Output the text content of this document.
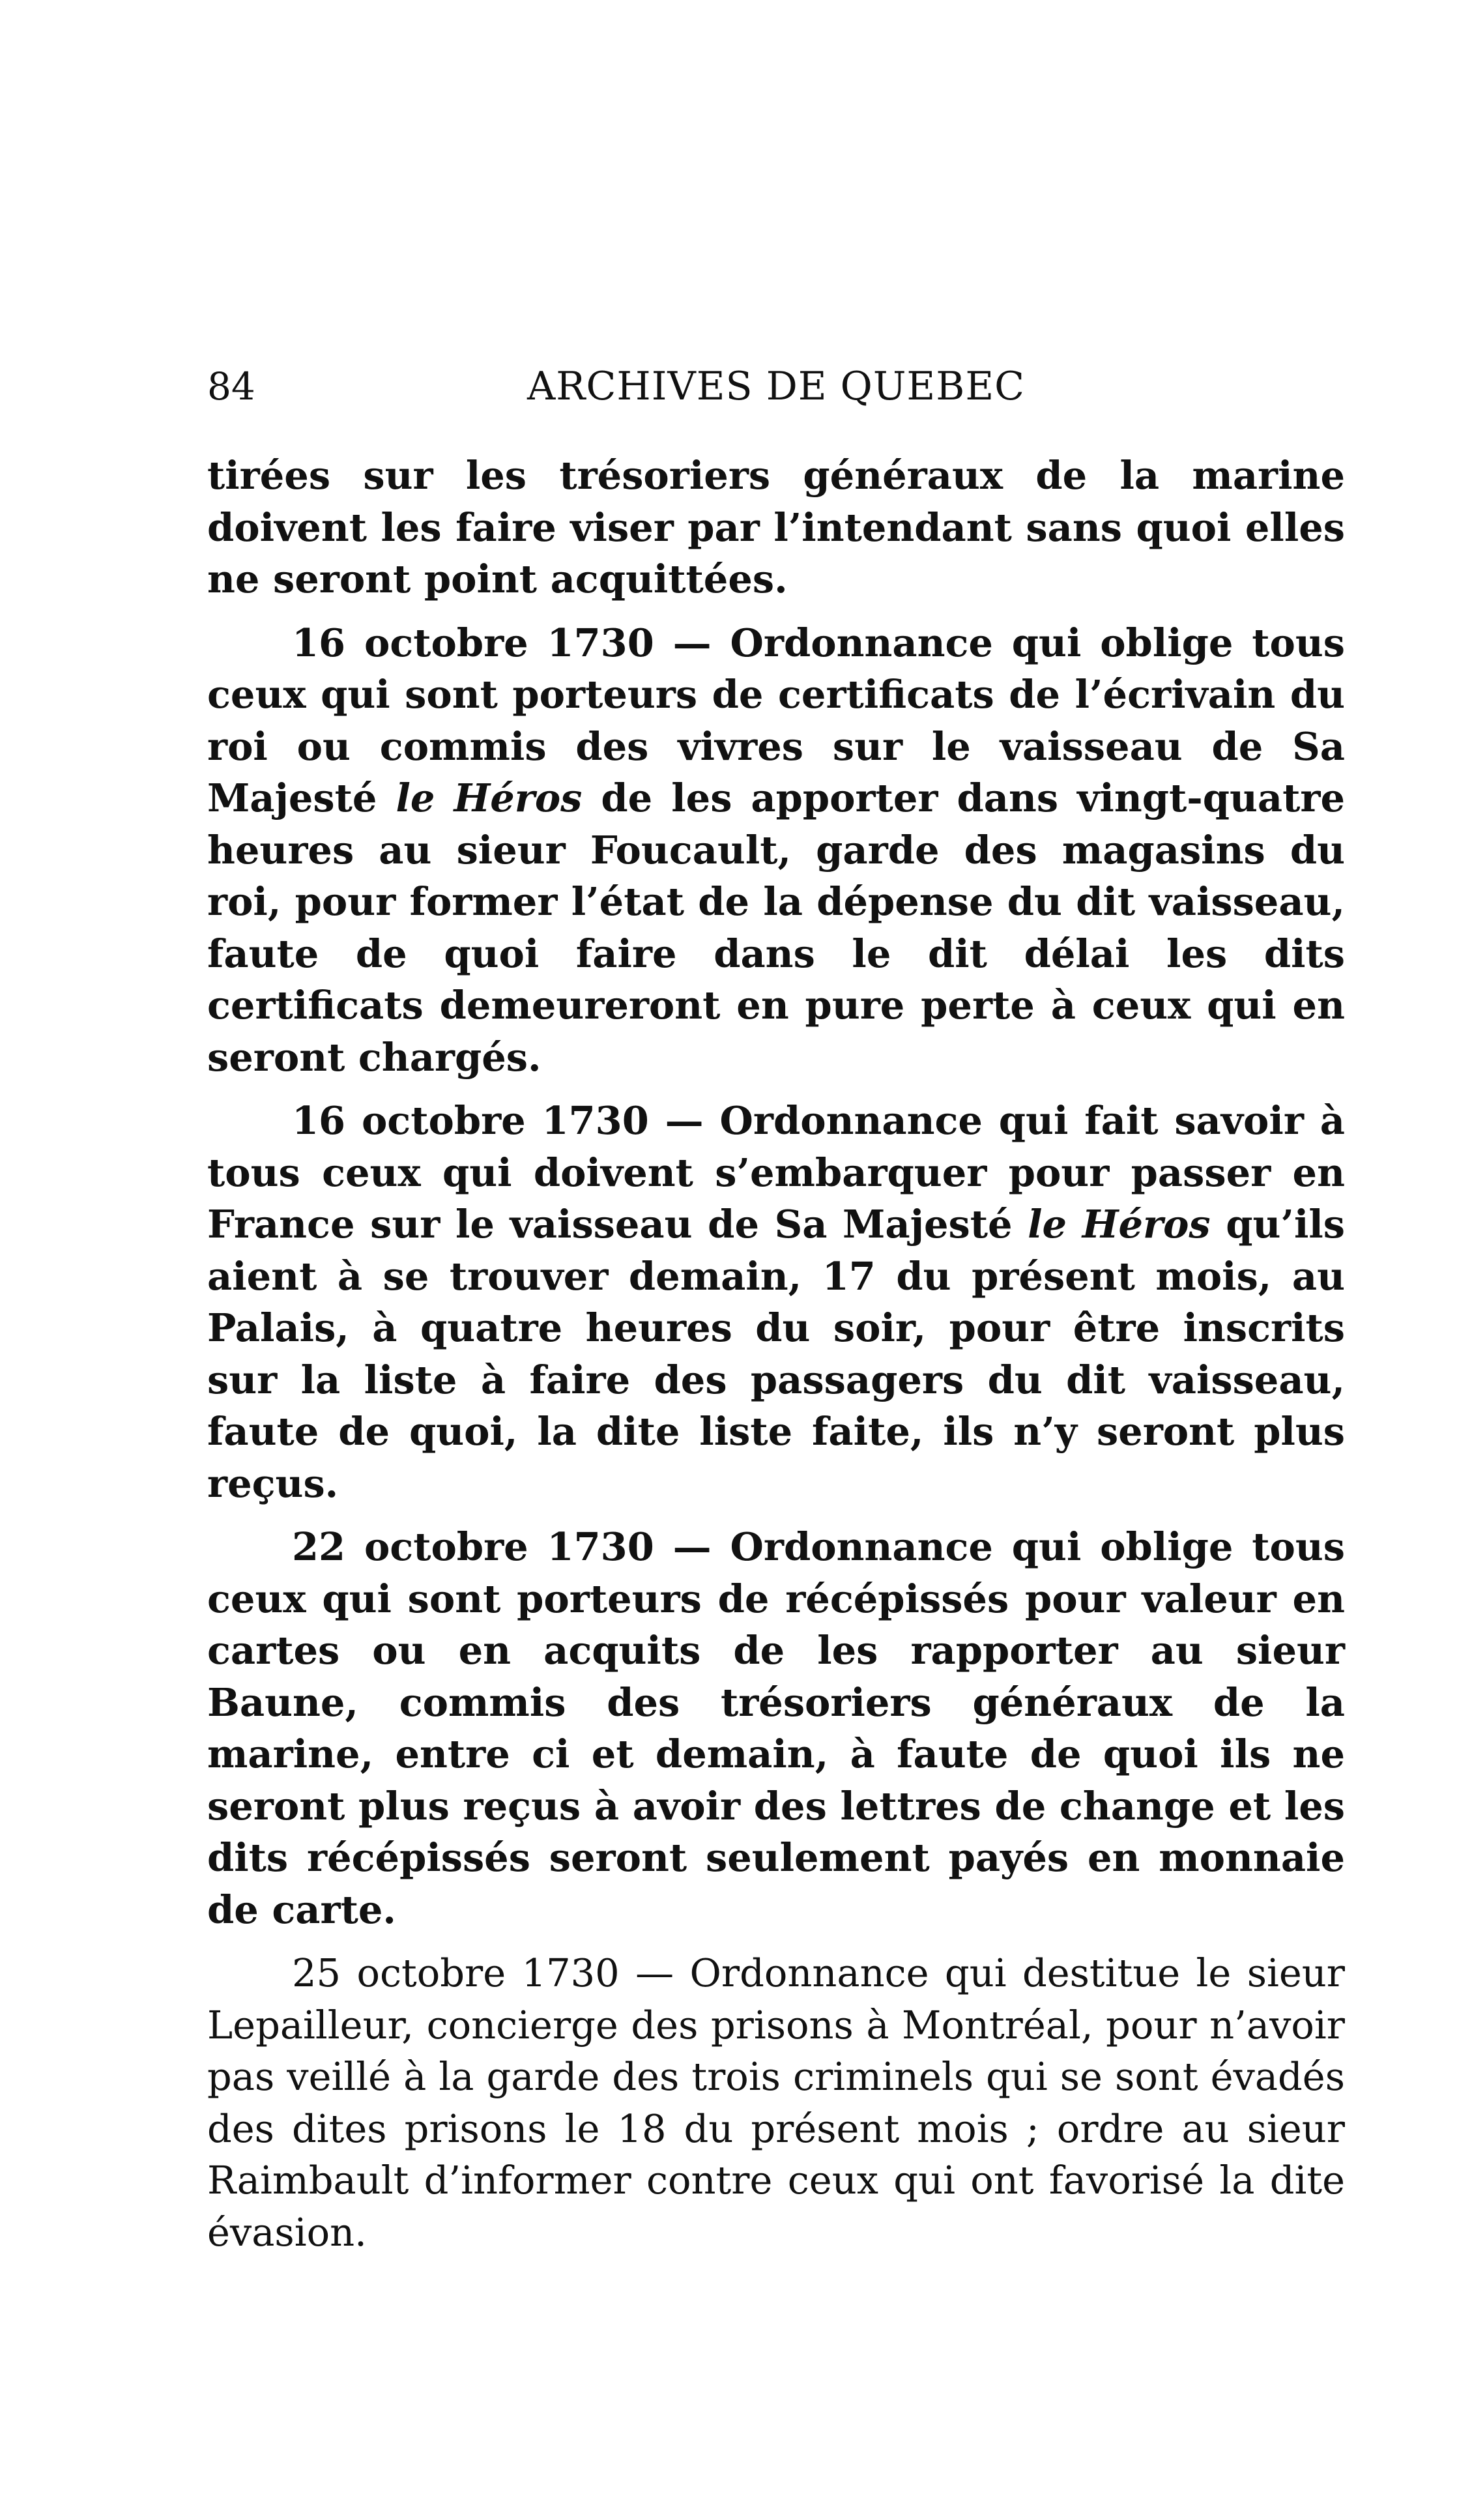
84	ARCHIVES DE QUEBEC

tirées sur les trésoriers généraux de la marine doivent les faire viser par l’intendant sans quoi elles ne seront point acquittées.

16 octobre 1730 — Ordonnance qui oblige tous ceux qui sont porteurs de certificats de l’écrivain du roi ou commis des vivres sur le vaisseau de Sa Majesté le Héros de les apporter dans vingt-quatre heures au sieur Foucault, garde des magasins du roi, pour former l’état de la dépense du dit vaisseau, faute de quoi faire dans le dit délai les dits certificats demeureront en pure perte à ceux qui en seront chargés.

16 octobre 1730 — Ordonnance qui fait savoir à tous ceux qui doivent s’embarquer pour passer en France sur le vaisseau de Sa Majesté le Héros qu’ils aient à se trouver demain, 17 du présent mois, au Palais, à quatre heures du soir, pour être inscrits sur la liste à faire des passagers du dit vaisseau, faute de quoi, la dite liste faite, ils n’y seront plus reçus.

22 octobre 1730 — Ordonnance qui oblige tous ceux qui sont porteurs de récépissés pour valeur en cartes ou en acquits de les rapporter au sieur Baune, commis des trésoriers généraux de la marine, entre ci et demain, à faute de quoi ils ne seront plus reçus à avoir des lettres de change et les dits récépissés seront seulement payés en monnaie de carte.

25 octobre 1730 — Ordonnance qui destitue le sieur Lepailleur, concierge des prisons à Montréal, pour n’avoir pas veillé à la garde des trois criminels qui se sont évadés des dites prisons le 18 du présent mois ; ordre au sieur Raimbault d’informer contre ceux qui ont favorisé la dite évasion.
